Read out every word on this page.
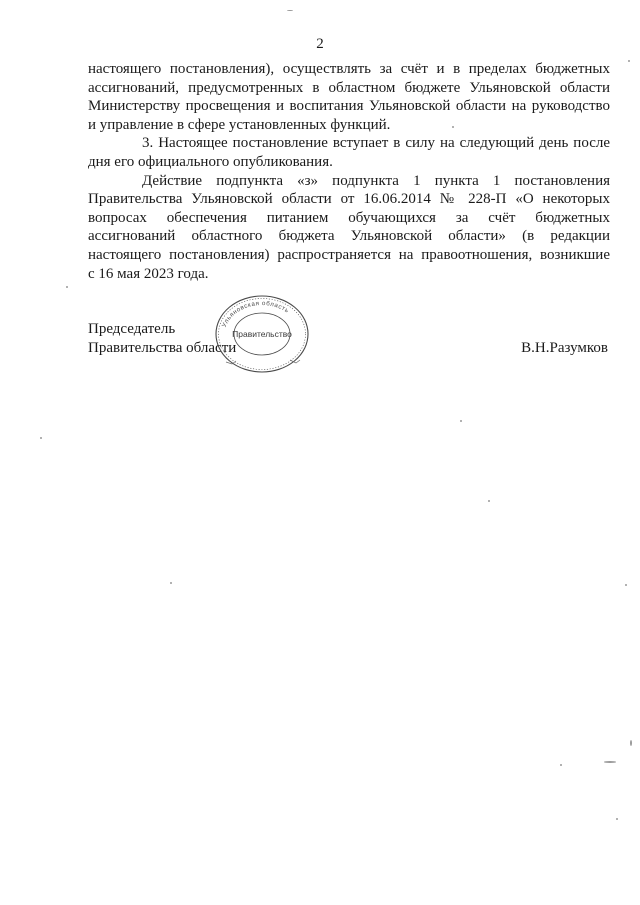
2

настоящего постановления), осуществлять за счёт и в пределах бюджетных
ассигнований, предусмотренных в областном бюджете Ульяновской области
Министерству просвещения и воспитания Ульяновской области на руководство
и управление в сфере установленных функций.

3. Настоящее постановление вступает в силу на следующий день после
дня его официального опубликования.

Действие подпункта «з» подпункта 1 пункта 1 постановления
Правительства Ульяновской области от 16.06.2014 № 228-П «О некоторых
вопросах обеспечения питанием обучающихся за счёт бюджетных
ассигнований областного бюджета Ульяновской области» (в редакции
настоящего постановления) распространяется на правоотношения, возникшие
с 16 мая 2023 года.

Председатель
Правительства области	В.Н.Разумков
Ульяновская область
Правительство
